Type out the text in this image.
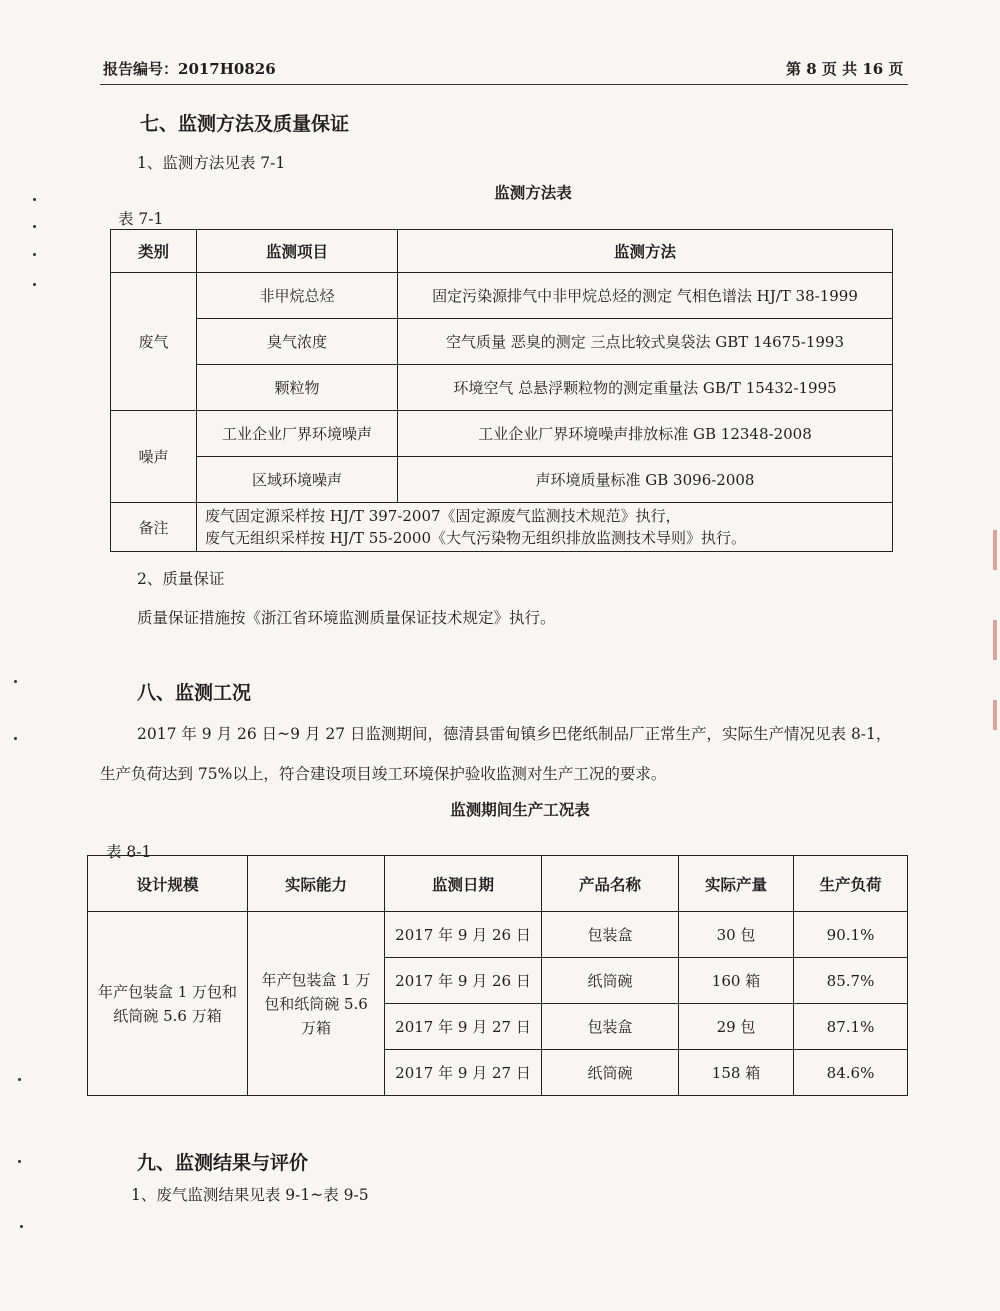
报告编号：2017H0826	第 8 页 共 16 页
七、监测方法及质量保证
1、监测方法见表 7-1
监测方法表
表 7-1
类别	监测项目	监测方法
废气	非甲烷总烃	固定污染源排气中非甲烷总烃的测定 气相色谱法 HJ/T 38-1999
	臭气浓度	空气质量 恶臭的测定 三点比较式臭袋法 GBT 14675-1993
	颗粒物	环境空气 总悬浮颗粒物的测定重量法 GB/T 15432-1995
噪声	工业企业厂界环境噪声	工业企业厂界环境噪声排放标准 GB 12348-2008
	区域环境噪声	声环境质量标准 GB 3096-2008
备注	废气固定源采样按 HJ/T 397-2007《固定源废气监测技术规范》执行，
废气无组织采样按 HJ/T 55-2000《大气污染物无组织排放监测技术导则》执行。	
2、质量保证
质量保证措施按《浙江省环境监测质量保证技术规定》执行。
八、监测工况
2017 年 9 月 26 日~9 月 27 日监测期间，德清县雷甸镇乡巴佬纸制品厂正常生产，实际生产情况见表 8-1，
生产负荷达到 75%以上，符合建设项目竣工环境保护验收监测对生产工况的要求。
监测期间生产工况表
表 8-1
设计规模	实际能力	监测日期	产品名称	实际产量	生产负荷
年产包装盒 1 万包和纸筒碗 5.6 万箱	年产包装盒 1 万包和纸筒碗 5.6 万箱	2017 年 9 月 26 日	包装盒	30 包	90.1%
		2017 年 9 月 26 日	纸筒碗	160 箱	85.7%
		2017 年 9 月 27 日	包装盒	29 包	87.1%
		2017 年 9 月 27 日	纸筒碗	158 箱	84.6%
九、监测结果与评价
1、废气监测结果见表 9-1~表 9-5
